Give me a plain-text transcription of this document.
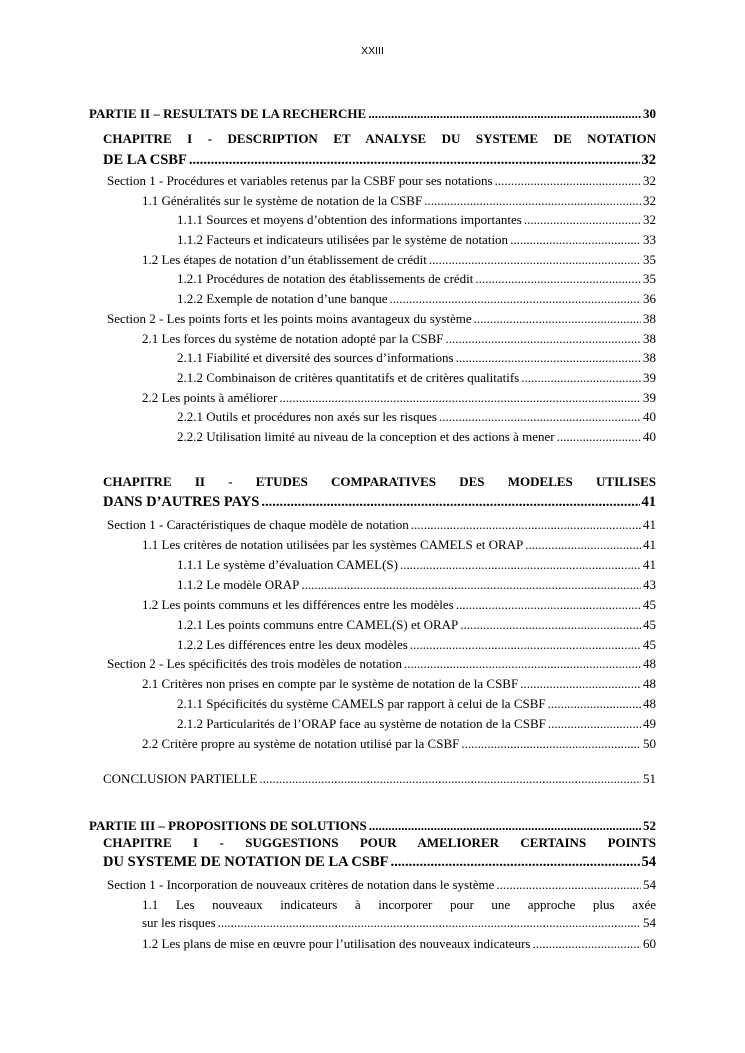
XXIII
PARTIE II – RESULTATS DE LA RECHERCHE .....	30
CHAPITRE I - DESCRIPTION ET ANALYSE DU SYSTEME DE NOTATION
DE LA CSBF .....	32
Section 1 - Procédures et variables retenus par la CSBF pour ses notations .....	32
1.1 Généralités sur le système de notation de la CSBF .....	32
1.1.1 Sources et moyens d’obtention des informations importantes .....	32
1.1.2 Facteurs et indicateurs utilisées par le système de notation .....	33
1.2 Les étapes de notation d’un établissement de crédit .....	35
1.2.1 Procédures de notation des établissements de crédit .....	35
1.2.2 Exemple de notation d’une banque .....	36
Section 2 - Les points forts et les points moins avantageux du système .....	38
2.1 Les forces du système de notation adopté par la CSBF .....	38
2.1.1 Fiabilité et diversité des sources d’informations .....	38
2.1.2 Combinaison de critères quantitatifs et de critères qualitatifs .....	39
2.2 Les points à améliorer .....	39
2.2.1 Outils et procédures non axés sur les risques .....	40
2.2.2 Utilisation limité au niveau de la conception et des actions à mener .....	40
CHAPITRE II - ETUDES COMPARATIVES DES MODELES UTILISES
DANS D’AUTRES PAYS .....	41
Section 1 - Caractéristiques de chaque modèle de notation .....	41
1.1 Les critères de notation utilisées par les systèmes CAMELS et ORAP .....	41
1.1.1 Le système d’évaluation CAMEL(S) .....	41
1.1.2 Le modèle ORAP .....	43
1.2 Les points communs et les différences entre les modèles .....	45
1.2.1 Les points communs entre CAMEL(S) et ORAP .....	45
1.2.2 Les différences entre les deux modèles .....	45
Section 2 - Les spécificités des trois modèles de notation .....	48
2.1 Critères non prises en compte par le système de notation de la CSBF .....	48
2.1.1 Spécificités du système CAMELS par rapport à celui de la CSBF .....	48
2.1.2 Particularités de l’ORAP face au système de notation de la CSBF .....	49
2.2 Critère propre au système de notation utilisé par la CSBF .....	50
CONCLUSION PARTIELLE .....	51
PARTIE III – PROPOSITIONS DE SOLUTIONS .....	52
CHAPITRE I - SUGGESTIONS POUR AMELIORER CERTAINS POINTS
DU SYSTEME DE NOTATION DE LA CSBF .....	54
Section 1 - Incorporation de nouveaux critères de notation dans le système .....	54
1.1 Les nouveaux indicateurs à incorporer pour une approche plus axée
sur les risques .....	54
1.2 Les plans de mise en œuvre pour l’utilisation des nouveaux indicateurs .....	60
